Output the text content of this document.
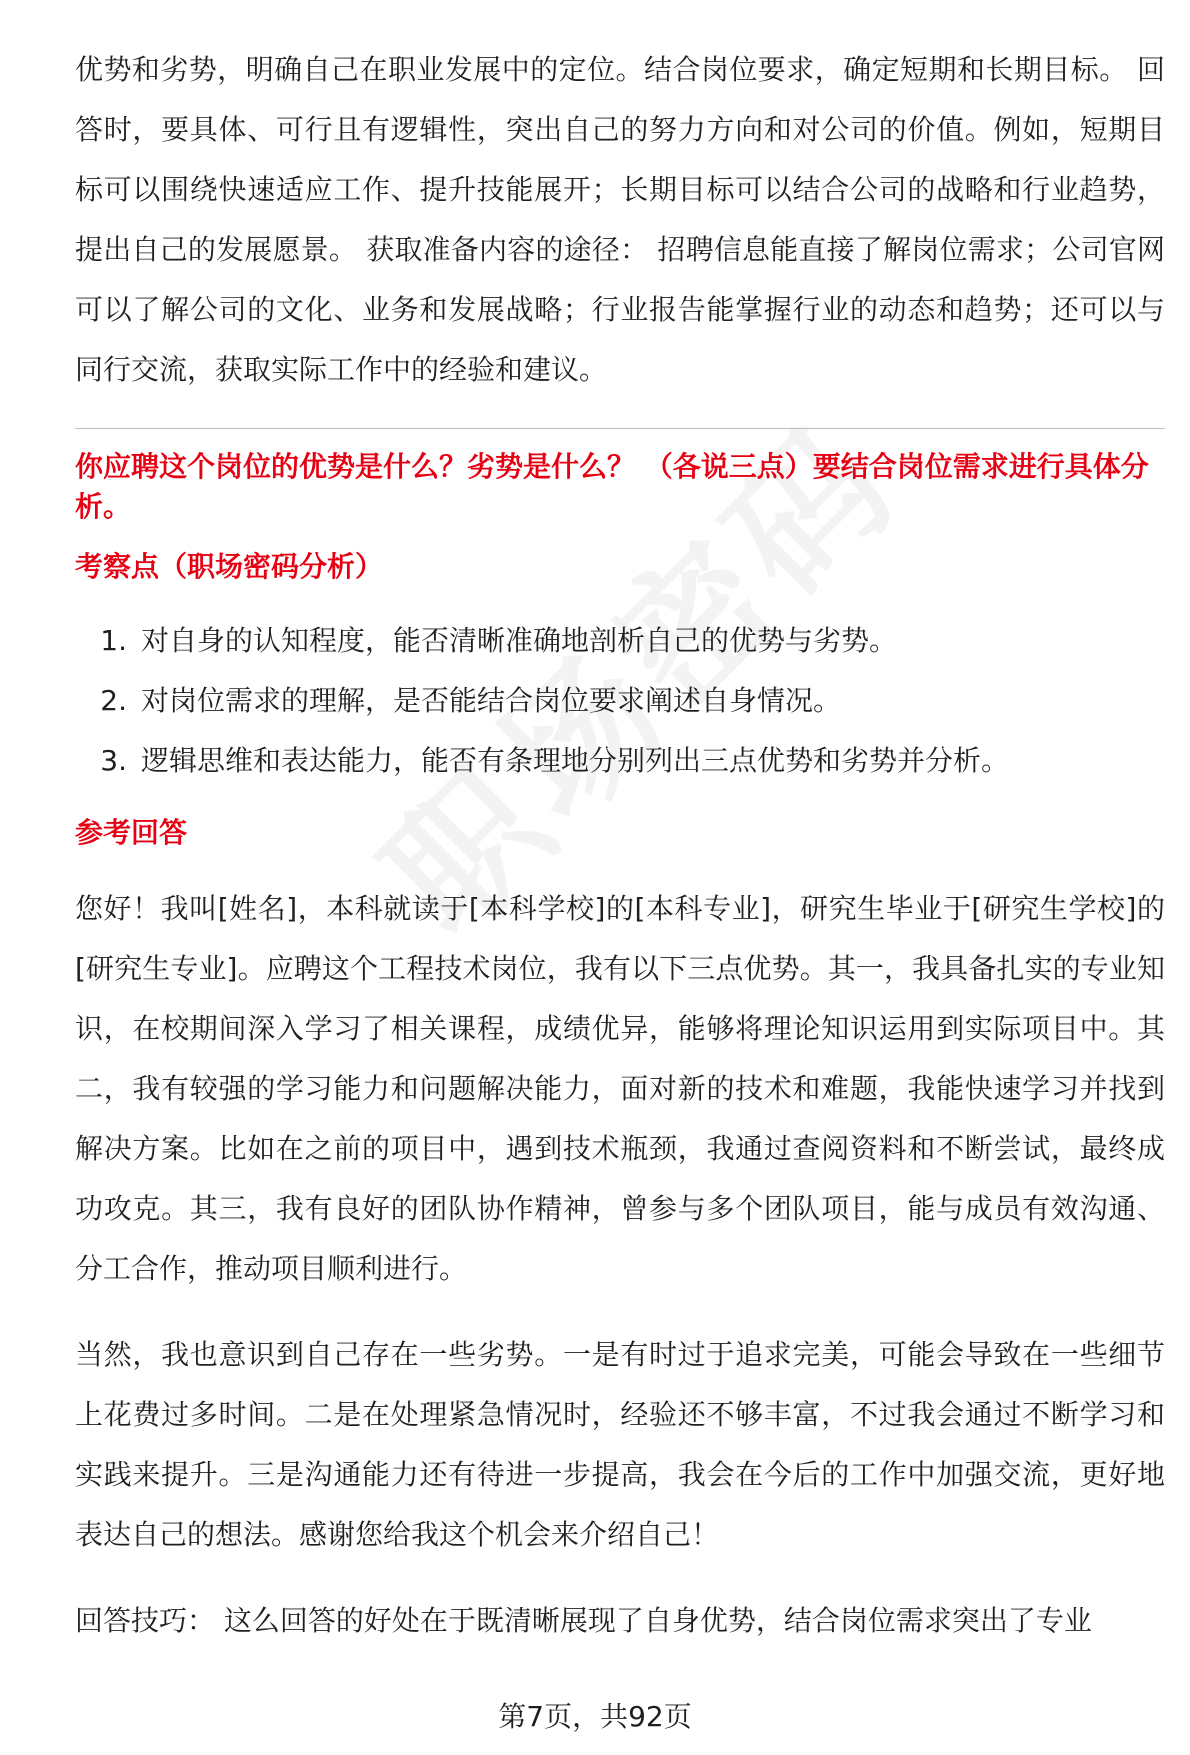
优势和劣势，明确自己在职业发展中的定位。结合岗位要求，确定短期和长期目标。 回答时，要具体、可行且有逻辑性，突出自己的努力方向和对公司的价值。例如，短期目标可以围绕快速适应工作、提升技能展开；长期目标可以结合公司的战略和行业趋势，提出自己的发展愿景。 获取准备内容的途径： 招聘信息能直接了解岗位需求；公司官网可以了解公司的文化、业务和发展战略；行业报告能掌握行业的动态和趋势；还可以与同行交流，获取实际工作中的经验和建议。

你应聘这个岗位的优势是什么？劣势是什么？ （各说三点）要结合岗位需求进行具体分析。
考察点（职场密码分析）
1. 对自身的认知程度，能否清晰准确地剖析自己的优势与劣势。
2. 对岗位需求的理解，是否能结合岗位要求阐述自身情况。
3. 逻辑思维和表达能力，能否有条理地分别列出三点优势和劣势并分析。
参考回答

您好！我叫[姓名]，本科就读于[本科学校]的[本科专业]，研究生毕业于[研究生学校]的[研究生专业]。应聘这个工程技术岗位，我有以下三点优势。其一，我具备扎实的专业知识，在校期间深入学习了相关课程，成绩优异，能够将理论知识运用到实际项目中。其二，我有较强的学习能力和问题解决能力，面对新的技术和难题，我能快速学习并找到解决方案。比如在之前的项目中，遇到技术瓶颈，我通过查阅资料和不断尝试，最终成功攻克。其三，我有良好的团队协作精神，曾参与多个团队项目，能与成员有效沟通、分工合作，推动项目顺利进行。

当然，我也意识到自己存在一些劣势。一是有时过于追求完美，可能会导致在一些细节上花费过多时间。二是在处理紧急情况时，经验还不够丰富，不过我会通过不断学习和实践来提升。三是沟通能力还有待进一步提高，我会在今后的工作中加强交流，更好地表达自己的想法。感谢您给我这个机会来介绍自己！

回答技巧： 这么回答的好处在于既清晰展现了自身优势，结合岗位需求突出了专业

第7页，共92页
